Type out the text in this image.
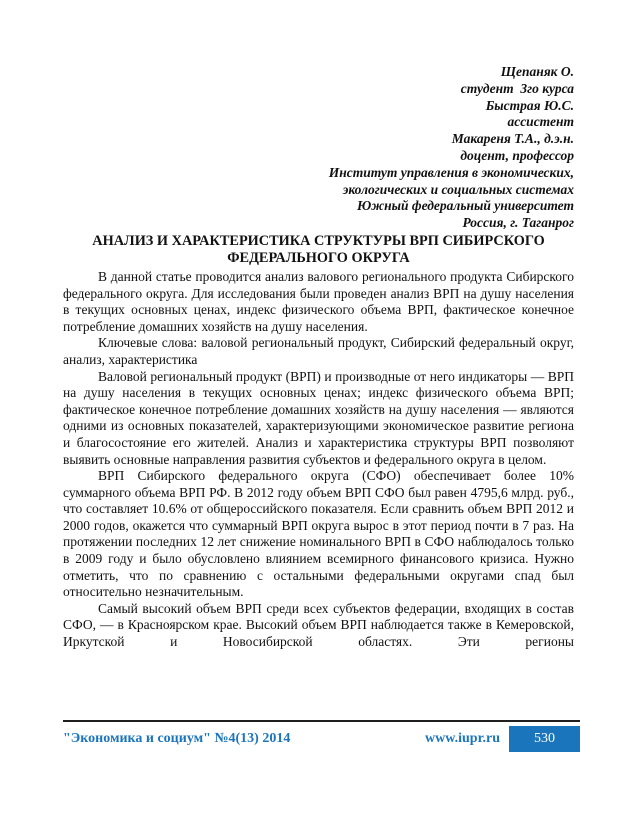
Щепаняк О.
студент  3го курса
Быстрая Ю.С.
ассистент
Макареня Т.А., д.э.н.
доцент, профессор
Институт управления в экономических,
экологических и социальных системах
Южный федеральный университет
Россия, г. Таганрог
АНАЛИЗ И ХАРАКТЕРИСТИКА СТРУКТУРЫ ВРП СИБИРСКОГО ФЕДЕРАЛЬНОГО ОКРУГА

В данной статье проводится анализ валового регионального продукта Сибирского федерального округа. Для исследования были проведен анализ ВРП на душу населения в текущих основных ценах, индекс физического объема ВРП, фактическое конечное потребление домашних хозяйств на душу населения.

Ключевые слова: валовой региональный продукт, Сибирский федеральный округ, анализ, характеристика

Валовой региональный продукт (ВРП) и производные от него индикаторы — ВРП на душу населения в текущих основных ценах; индекс физического объема ВРП; фактическое конечное потребление домашних хозяйств на душу населения — являются одними из основных показателей, характеризующими экономическое развитие региона и благосостояние его жителей. Анализ и характеристика структуры ВРП позволяют выявить основные направления развития субъектов и федерального округа в целом.

ВРП Сибирского федерального округа (СФО) обеспечивает более 10% суммарного объема ВРП РФ. В 2012 году объем ВРП СФО был равен 4795,6 млрд. руб., что составляет 10.6% от общероссийского показателя. Если сравнить объем ВРП 2012 и 2000 годов, окажется что суммарный ВРП округа вырос в этот период почти в 7 раз. На протяжении последних 12 лет снижение номинального ВРП в СФО наблюдалось только в 2009 году и было обусловлено влиянием всемирного финансового кризиса. Нужно отметить, что по сравнению с остальными федеральными округами спад был относительно незначительным.

Самый высокий объем ВРП среди всех субъектов федерации, входящих в состав СФО, — в Красноярском крае. Высокий объем ВРП наблюдается также в Кемеровской, Иркутской и Новосибирской областях. Эти регионы

"Экономика и социум" №4(13) 2014	www.iupr.ru	530
